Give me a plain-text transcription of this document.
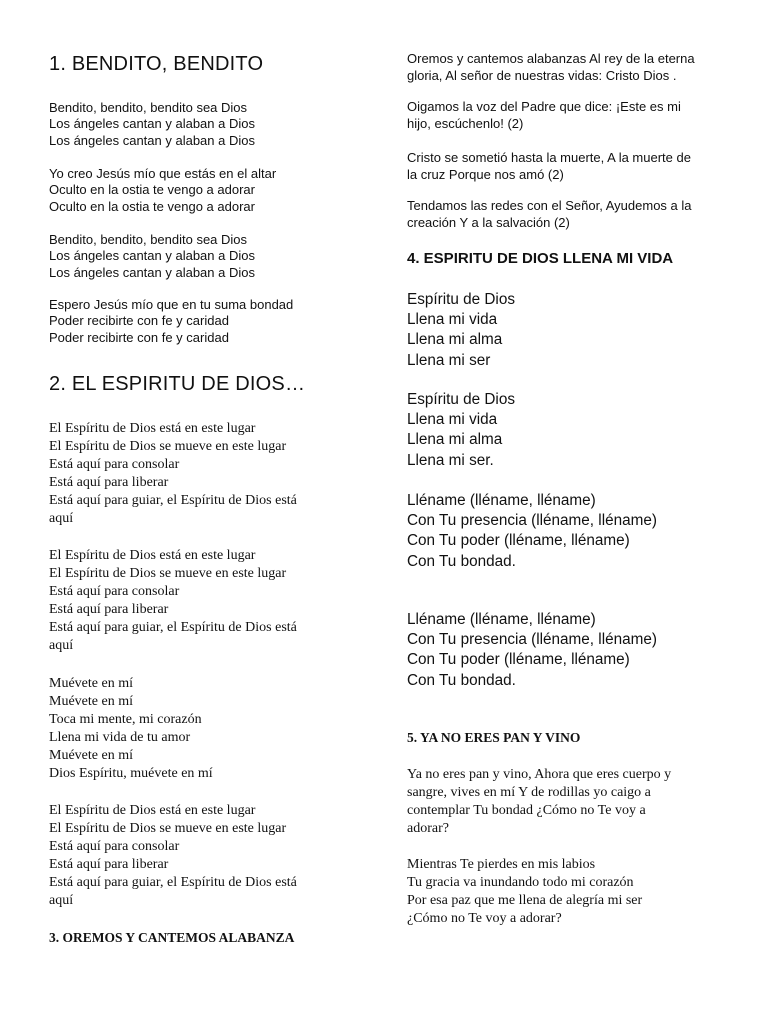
1. BENDITO, BENDITO
Bendito, bendito, bendito sea Dios
Los ángeles cantan y alaban a Dios
Los ángeles cantan y alaban a Dios
Yo creo Jesús mío que estás en el altar
Oculto en la ostia te vengo a adorar
Oculto en la ostia te vengo a adorar
Bendito, bendito, bendito sea Dios
Los ángeles cantan y alaban a Dios
Los ángeles cantan y alaban a Dios
Espero Jesús mío que en tu suma bondad
Poder recibirte con fe y caridad
Poder recibirte con fe y caridad
2. EL ESPIRITU DE DIOS…
El Espíritu de Dios está en este lugar
El Espíritu de Dios se mueve en este lugar
Está aquí para consolar
Está aquí para liberar
Está aquí para guiar, el Espíritu de Dios está
aquí
El Espíritu de Dios está en este lugar
El Espíritu de Dios se mueve en este lugar
Está aquí para consolar
Está aquí para liberar
Está aquí para guiar, el Espíritu de Dios está
aquí
Muévete en mí
Muévete en mí
Toca mi mente, mi corazón
Llena mi vida de tu amor
Muévete en mí
Dios Espíritu, muévete en mí
El Espíritu de Dios está en este lugar
El Espíritu de Dios se mueve en este lugar
Está aquí para consolar
Está aquí para liberar
Está aquí para guiar, el Espíritu de Dios está
aquí
3. OREMOS Y CANTEMOS ALABANZA
Oremos y cantemos alabanzas Al rey de la eterna
gloria, Al señor de nuestras vidas: Cristo Dios .
Oigamos la voz del Padre que dice: ¡Este es mi
hijo, escúchenlo! (2)
Cristo se sometió hasta la muerte, A la muerte de
la cruz Porque nos amó (2)
Tendamos las redes con el Señor, Ayudemos a la
creación Y a la salvación (2)
4. ESPIRITU DE DIOS LLENA MI VIDA
Espíritu de Dios
Llena mi vida
Llena mi alma
Llena mi ser
Espíritu de Dios
Llena mi vida
Llena mi alma
Llena mi ser.
Lléname (lléname, lléname)
Con Tu presencia (lléname, lléname)
Con Tu poder (lléname, lléname)
Con Tu bondad.
Lléname (lléname, lléname)
Con Tu presencia (lléname, lléname)
Con Tu poder (lléname, lléname)
Con Tu bondad.
5. YA NO ERES PAN Y VINO
Ya no eres pan y vino, Ahora que eres cuerpo y
sangre, vives en mí Y de rodillas yo caigo a
contemplar Tu bondad ¿Cómo no Te voy a
adorar?
Mientras Te pierdes en mis labios
Tu gracia va inundando todo mi corazón
Por esa paz que me llena de alegría mi ser
¿Cómo no Te voy a adorar?
